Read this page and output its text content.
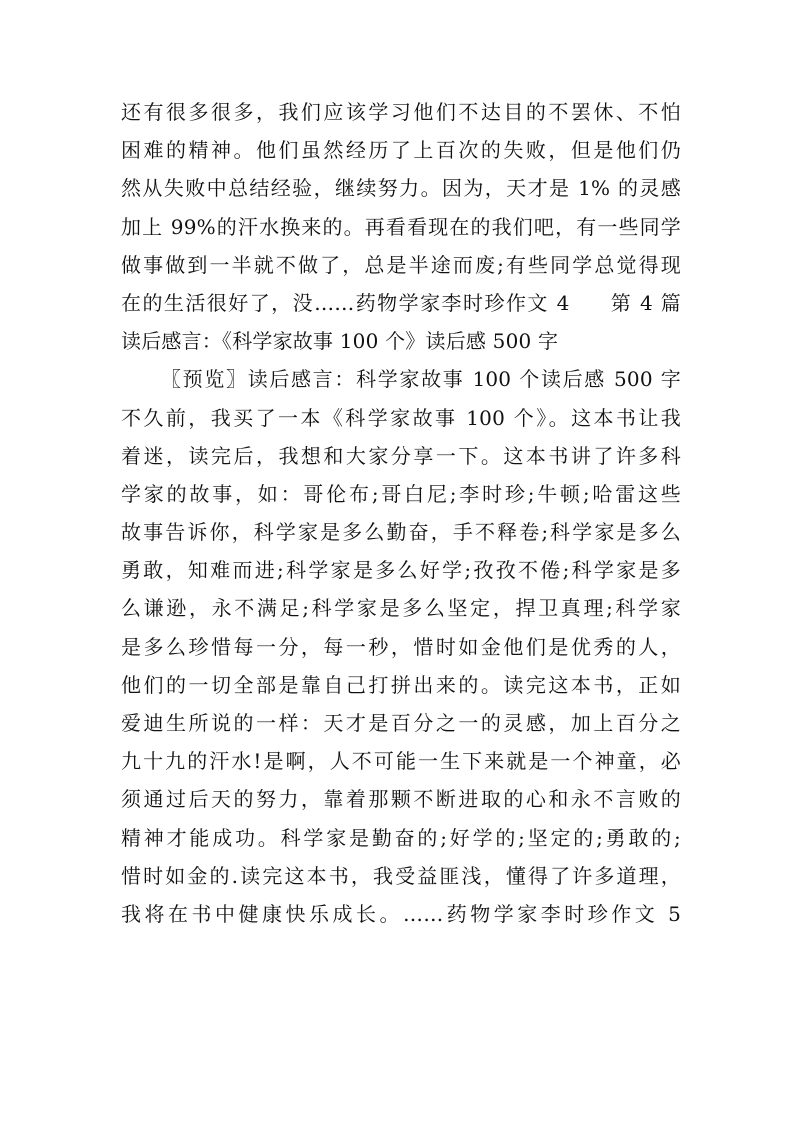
还有很多很多，我们应该学习他们不达目的不罢休、不怕
困难的精神。他们虽然经历了上百次的失败，但是他们仍
然从失败中总结经验，继续努力。因为，天才是 1% 的灵感
加上 99%的汗水换来的。再看看现在的我们吧，有一些同学
做事做到一半就不做了，总是半途而废;有些同学总觉得现
在的生活很好了，没……药物学家李时珍作文 4 第 4 篇
读后感言：《科学家故事 100 个》读后感 500 字
〖预览〗读后感言：科学家故事 100 个读后感 500 字
不久前，我买了一本《科学家故事 100 个》。这本书让我
着迷，读完后，我想和大家分享一下。这本书讲了许多科
学家的故事，如：哥伦布;哥白尼;李时珍;牛顿;哈雷这些
故事告诉你，科学家是多么勤奋，手不释卷;科学家是多么
勇敢，知难而进;科学家是多么好学;孜孜不倦;科学家是多
么谦逊，永不满足;科学家是多么坚定，捍卫真理;科学家
是多么珍惜每一分，每一秒，惜时如金他们是优秀的人，
他们的一切全部是靠自己打拼出来的。读完这本书，正如
爱迪生所说的一样：天才是百分之一的灵感，加上百分之
九十九的汗水!是啊，人不可能一生下来就是一个神童，必
须通过后天的努力，靠着那颗不断进取的心和永不言败的
精神才能成功。科学家是勤奋的;好学的;坚定的;勇敢的;
惜时如金的.读完这本书，我受益匪浅，懂得了许多道理，
我将在书中健康快乐成长。……药物学家李时珍作文 5
